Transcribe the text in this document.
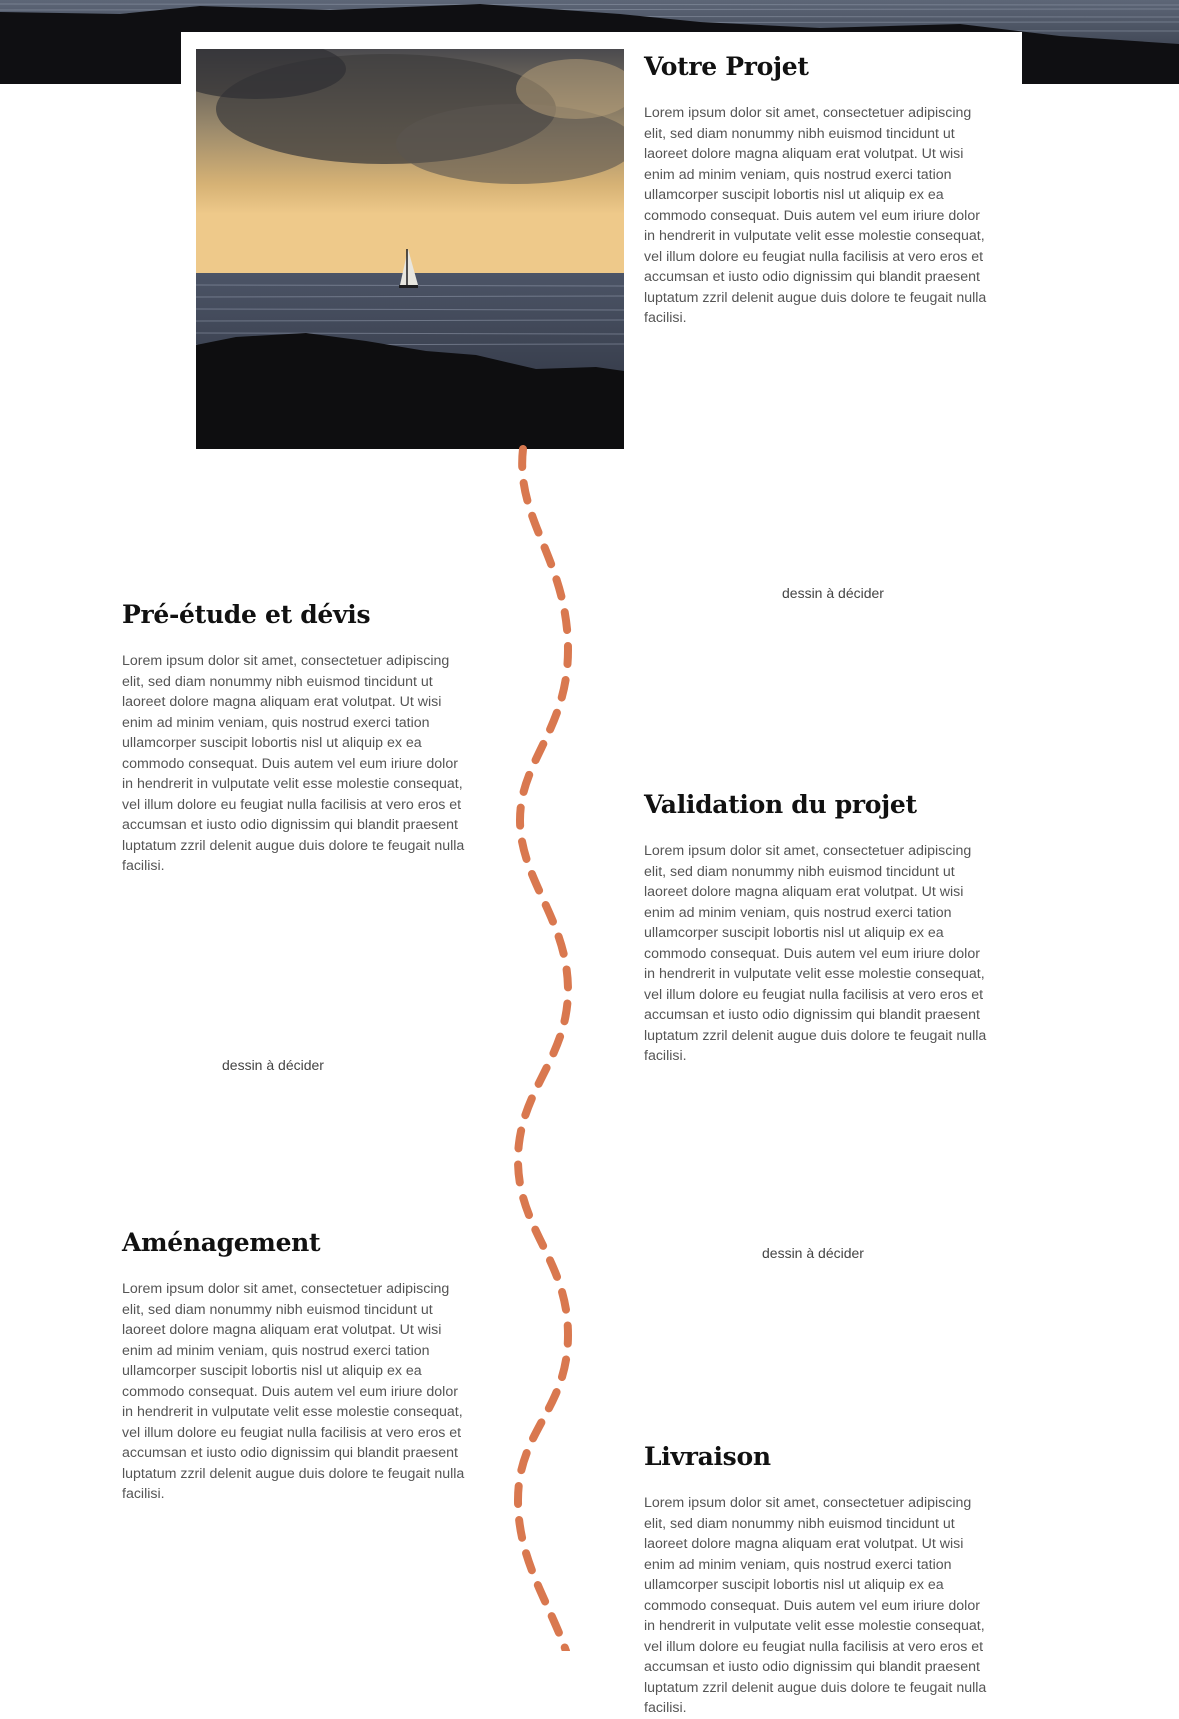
Votre Projet

Lorem ipsum dolor sit amet, consectetuer adipiscing elit, sed diam nonummy nibh euismod tincidunt ut laoreet dolore magna aliquam erat volutpat. Ut wisi enim ad minim veniam, quis nostrud exerci tation ullamcorper suscipit lobortis nisl ut aliquip ex ea commodo consequat. Duis autem vel eum iriure dolor in hendrerit in vulputate velit esse molestie consequat, vel illum dolore eu feugiat nulla facilisis at vero eros et accumsan et iusto odio dignissim qui blandit praesent luptatum zzril delenit augue duis dolore te feugait nulla facilisi.

Pré-étude et dévis

Lorem ipsum dolor sit amet, consectetuer adipiscing elit, sed diam nonummy nibh euismod tincidunt ut laoreet dolore magna aliquam erat volutpat. Ut wisi enim ad minim veniam, quis nostrud exerci tation ullamcorper suscipit lobortis nisl ut aliquip ex ea commodo consequat. Duis autem vel eum iriure dolor in hendrerit in vulputate velit esse molestie consequat, vel illum dolore eu feugiat nulla facilisis at vero eros et accumsan et iusto odio dignissim qui blandit praesent luptatum zzril delenit augue duis dolore te feugait nulla facilisi.

Validation du projet

Lorem ipsum dolor sit amet, consectetuer adipiscing elit, sed diam nonummy nibh euismod tincidunt ut laoreet dolore magna aliquam erat volutpat. Ut wisi enim ad minim veniam, quis nostrud exerci tation ullamcorper suscipit lobortis nisl ut aliquip ex ea commodo consequat. Duis autem vel eum iriure dolor in hendrerit in vulputate velit esse molestie consequat, vel illum dolore eu feugiat nulla facilisis at vero eros et accumsan et iusto odio dignissim qui blandit praesent luptatum zzril delenit augue duis dolore te feugait nulla facilisi.

Aménagement

Lorem ipsum dolor sit amet, consectetuer adipiscing elit, sed diam nonummy nibh euismod tincidunt ut laoreet dolore magna aliquam erat volutpat. Ut wisi enim ad minim veniam, quis nostrud exerci tation ullamcorper suscipit lobortis nisl ut aliquip ex ea commodo consequat. Duis autem vel eum iriure dolor in hendrerit in vulputate velit esse molestie consequat, vel illum dolore eu feugiat nulla facilisis at vero eros et accumsan et iusto odio dignissim qui blandit praesent luptatum zzril delenit augue duis dolore te feugait nulla facilisi.

Livraison

Lorem ipsum dolor sit amet, consectetuer adipiscing elit, sed diam nonummy nibh euismod tincidunt ut laoreet dolore magna aliquam erat volutpat. Ut wisi enim ad minim veniam, quis nostrud exerci tation ullamcorper suscipit lobortis nisl ut aliquip ex ea commodo consequat. Duis autem vel eum iriure dolor in hendrerit in vulputate velit esse molestie consequat, vel illum dolore eu feugiat nulla facilisis at vero eros et accumsan et iusto odio dignissim qui blandit praesent luptatum zzril delenit augue duis dolore te feugait nulla facilisi.

dessin à décider
dessin à décider
dessin à décider
